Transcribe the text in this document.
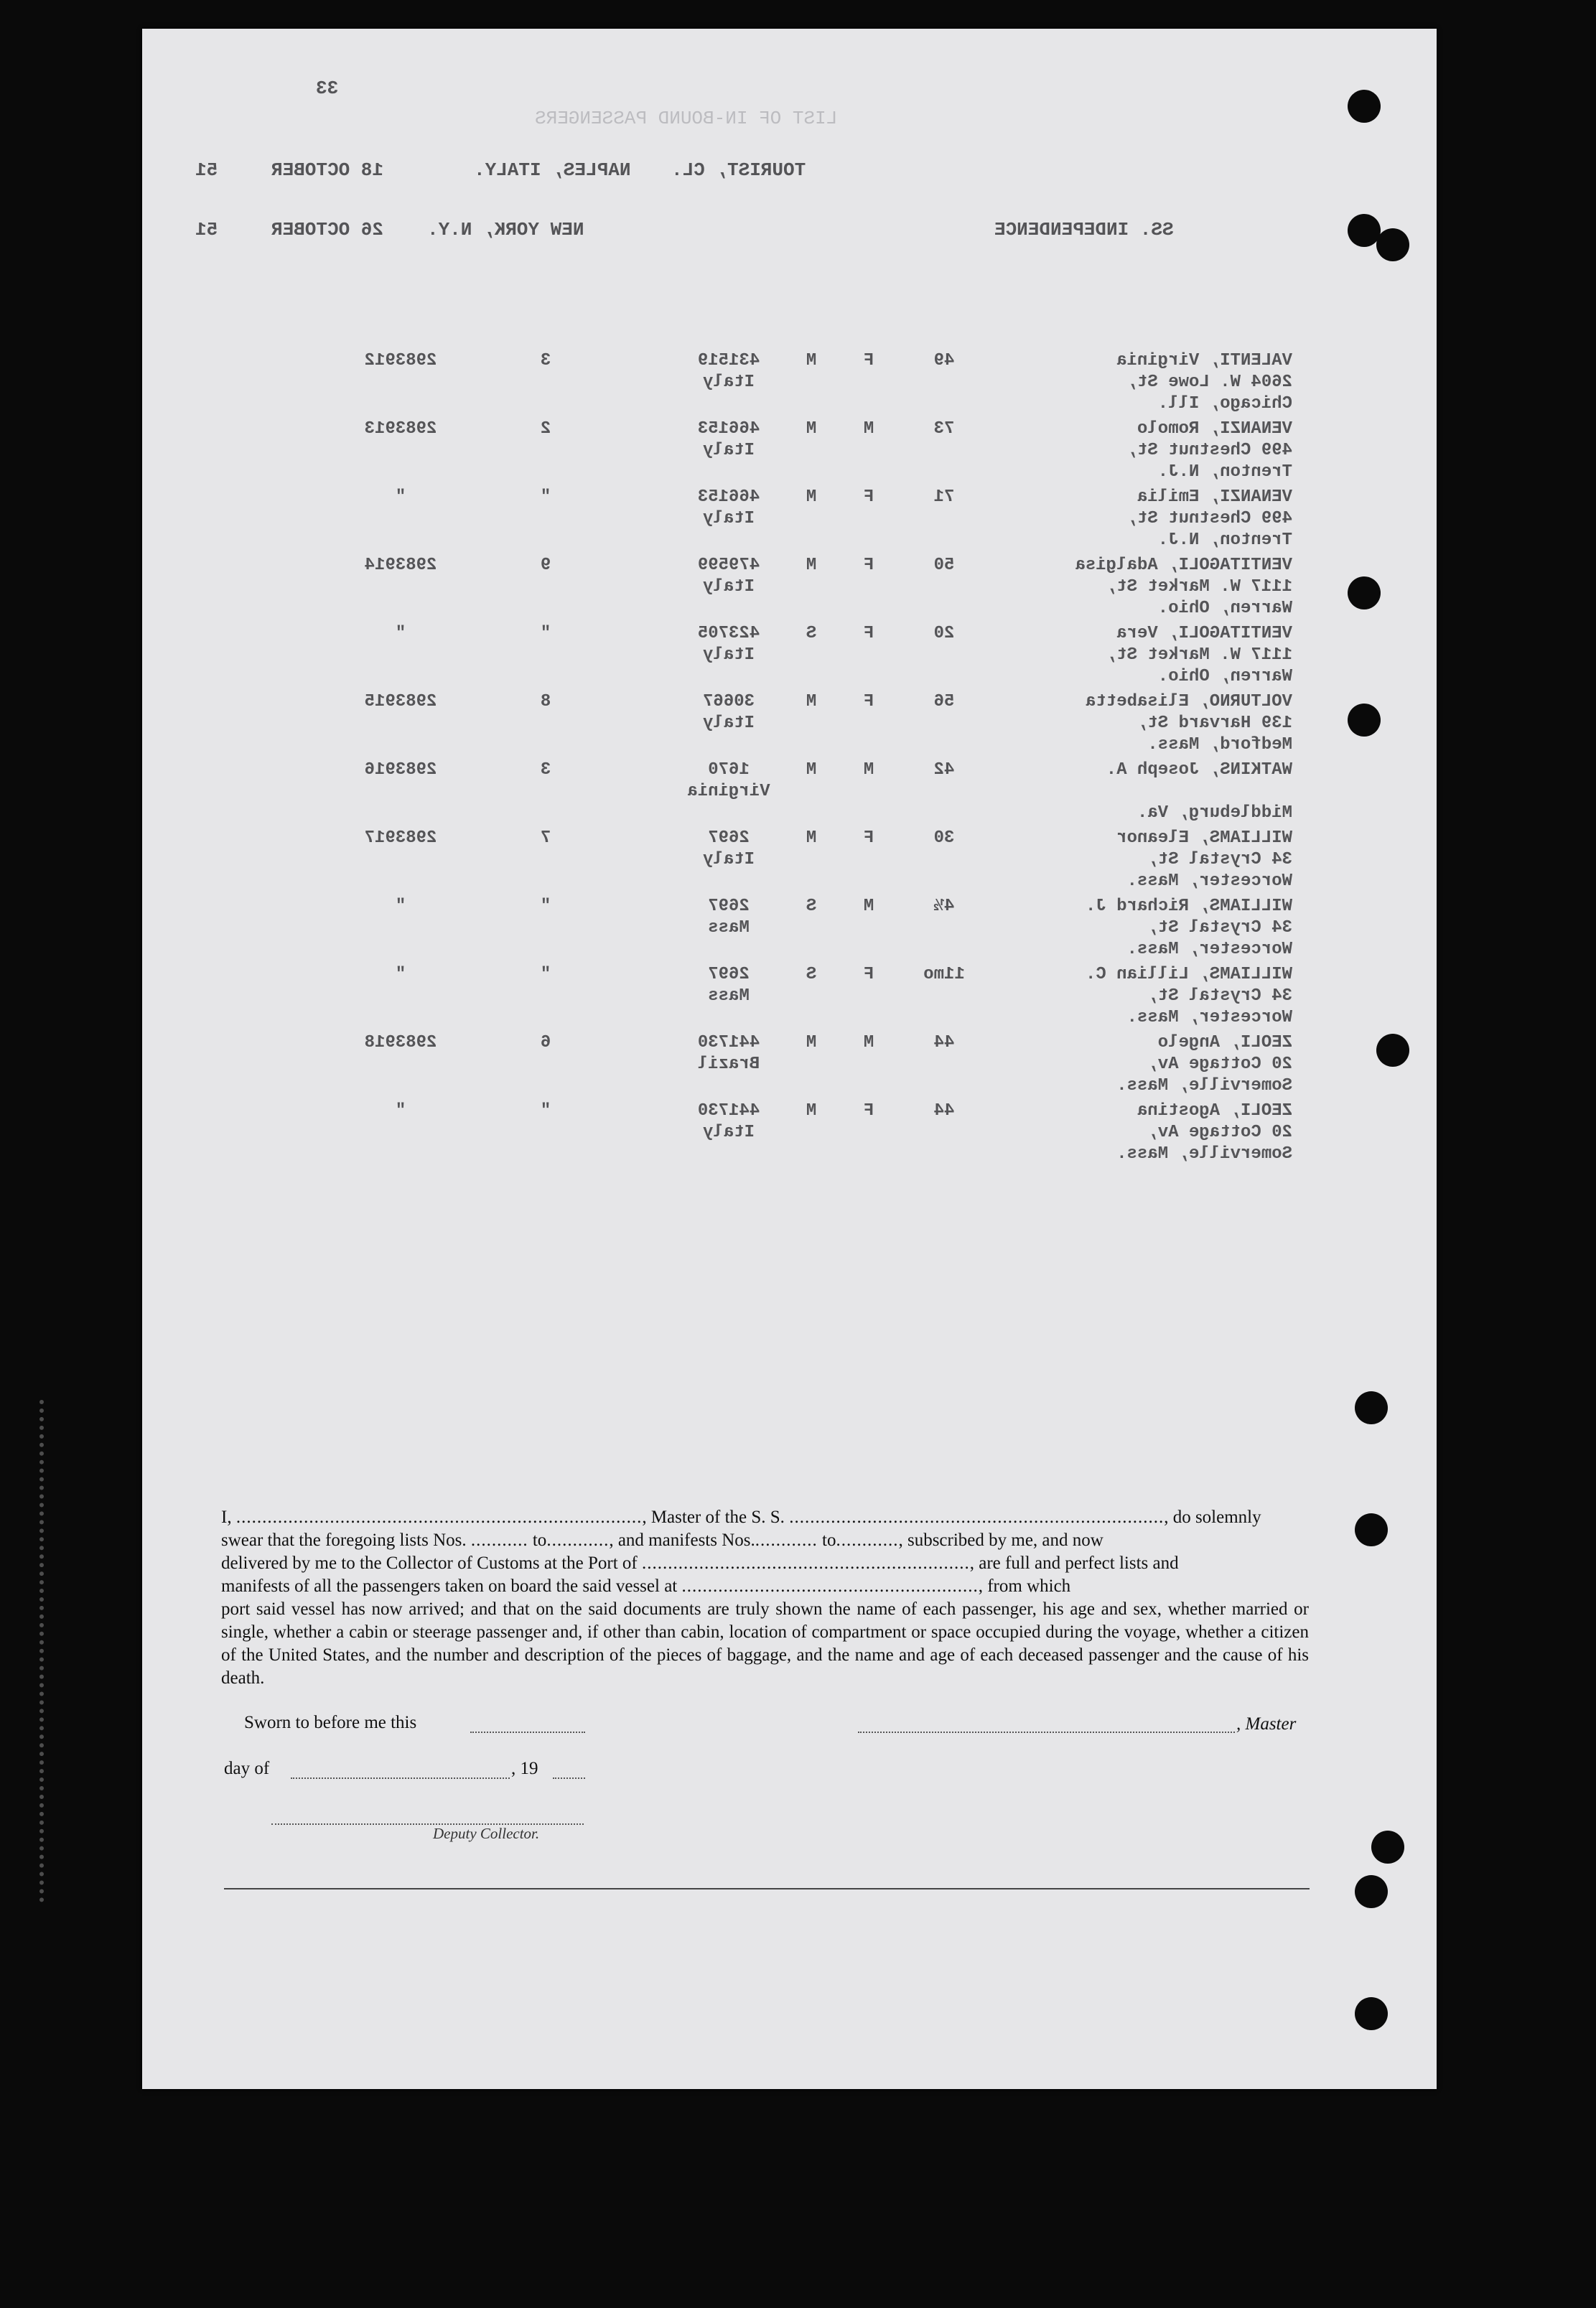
33
LIST OF IN-BOUND PASSENGERS
51	18 OCTOBER	NAPLES, ITALY. TOURIST, CL.
51	26 OCTOBER NEW YORK, N.Y.	SS. INDEPENDENCE
2983912	3	431519	M	F	49
Italy
VALENTI, Virginia
2604 W. Lowe St,
Chicago, Ill.
2983913	2	466153	M	M	73
Italy
VENANZI, Romolo
499 Chestnut St,
Trenton, N.J.
"	"	466153	M	F	71
Italy
VENANZI, Emilia
499 Chestnut St,
Trenton, N.J.
2983914	9	479599	M	F	50
Italy
VENTITAGOLI, Adalgisa
1117 W. Market St,
Warren, Ohio.
"	"	423705	S	F	20
Italy
VENTITAGOLI, Vera
1117 W. Market St,
Warren, Ohio.
2983915	8	30667	M	F	56
Italy
VOLTURNO, Elisabetta
139 Harvard St,
Medford, Mass.
2983916	3	1670	M	M	42
Virginia
WATKINS, Joseph A.
Middleburg, Va.
2983917	7	2697	M	F	30
Italy
WILLIAMS, Eleanor
34 Crystal St,
Worcester, Mass.
"	"	2697	S	M	4½
Mass
WILLIAMS, Richard J.
34 Crystal St,
Worcester, Mass.
"	"	2697	S	F	11mo
Mass
WILLIAMS, Lillian C.
34 Crystal St,
Worcester, Mass.
2983918	6	441730	M	M	44
Brazil
ZEOLI, Angelo
20 Cottage Av,
Somerville, Mass.
"	"	441730	M	F	44
Italy
ZEOLI, Agostina
20 Cottage Av,
Somerville, Mass.

I, .............................................................................., Master of the S. S. ........................................................................, do solemnly

swear that the foregoing lists Nos. ........... to............, and manifests Nos............. to............, subscribed by me, and now

delivered by me to the Collector of Customs at the Port of ..............................................................., are full and perfect lists and

manifests of all the passengers taken on board the said vessel at ........................................................., from which

port said vessel has now arrived; and that on the said documents are truly shown the name of each passenger, his age and sex, whether married or single, whether a cabin or steerage passenger and, if other than cabin, location of compartment or space occupied during the voyage, whether a citizen of the United States, and the number and description of the pieces of baggage, and the name and age of each deceased passenger and the cause of his death.

Sworn to before me this	, Master
day of	, 19
Deputy Collector.
